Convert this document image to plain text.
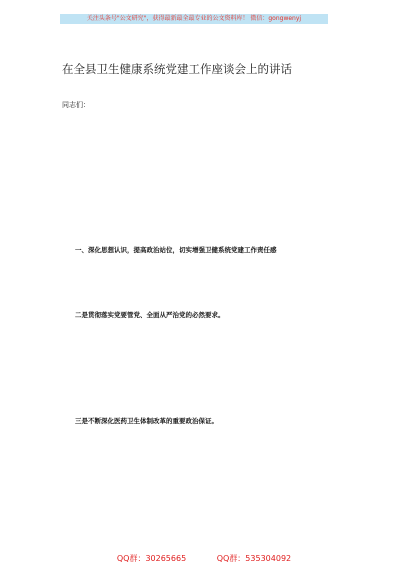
关注头条号"公文研究"，获得最新最全最专业的公文资料库！ 微信：gongwenyj
在全县卫生健康系统党建工作座谈会上的讲话
同志们：

一、深化思想认识，提高政治站位，切实增强卫健系统党建工作责任感

二是贯彻落实党要管党、全面从严治党的必然要求。

三是不断深化医药卫生体制改革的重要政治保证。

QQ群：30265665	QQ群：535304092
